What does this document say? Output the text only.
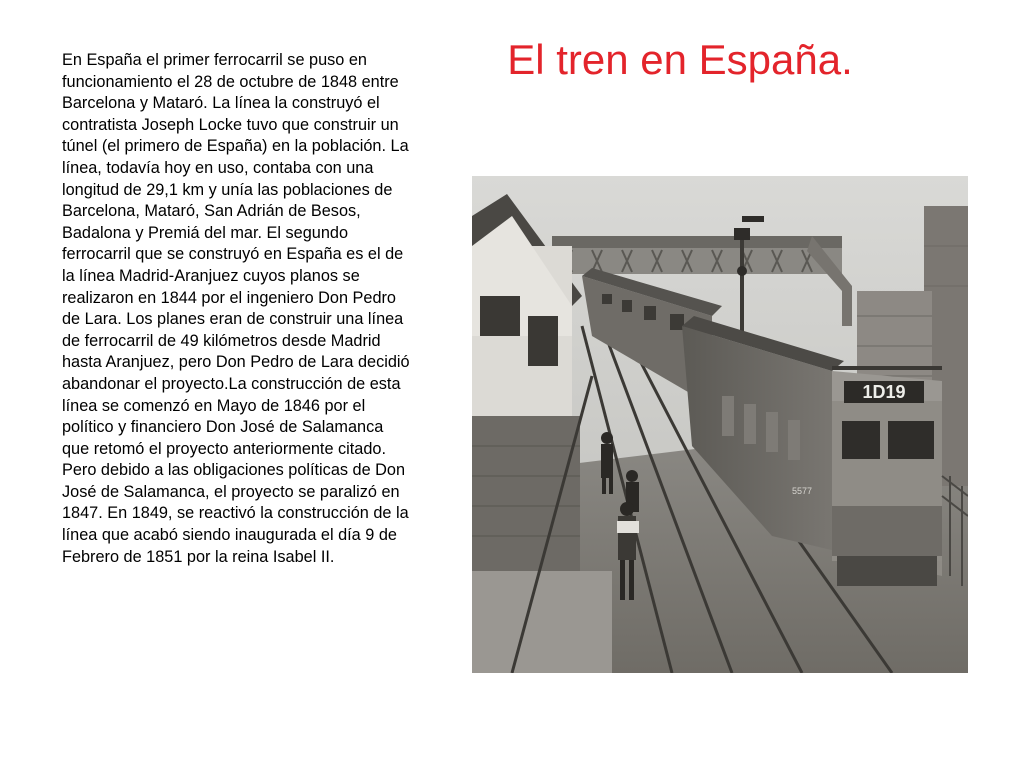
En España el primer ferrocarril se puso en funcionamiento el 28 de octubre de 1848 entre Barcelona y Mataró. La línea la construyó el contratista Joseph Locke tuvo que construir un túnel (el primero de España) en la población. La línea, todavía hoy en uso, contaba con una longitud de 29,1 km y unía las poblaciones de Barcelona, Mataró, San Adrián de Besos, Badalona y Premiá del mar. El segundo ferrocarril que se construyó en España es el de la línea Madrid-Aranjuez cuyos planos se realizaron en 1844 por el ingeniero Don Pedro de Lara. Los planes eran de construir una línea de ferrocarril de 49 kilómetros desde Madrid hasta Aranjuez, pero Don Pedro de Lara decidió abandonar el proyecto.La construcción de esta línea se comenzó en Mayo de 1846 por el político y financiero Don José de Salamanca que retomó el proyecto anteriormente citado. Pero debido a las obligaciones políticas de Don José de Salamanca, el proyecto se paralizó en 1847. En 1849, se reactivó la construcción de la línea que acabó siendo inaugurada el día 9 de Febrero de 1851 por la reina Isabel II.

El tren en España.
1D19
5577
